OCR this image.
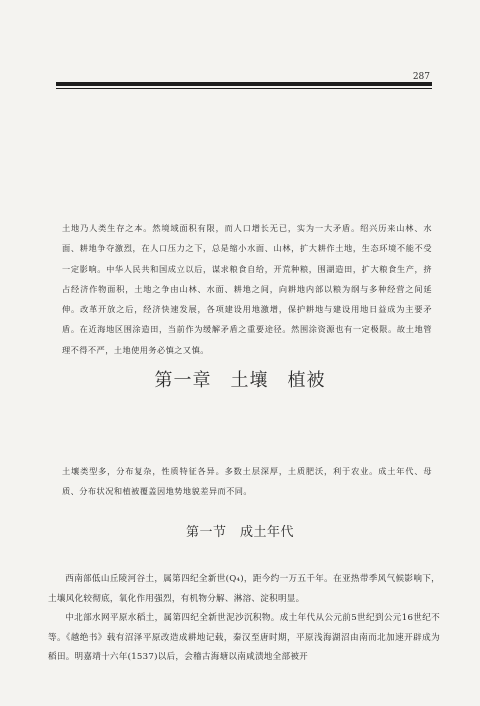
287

土地乃人类生存之本。然境域面积有限，而人口增长无已，实为一大矛盾。绍兴历来山林、水面、耕地争夺激烈，在人口压力之下，总是缩小水面、山林，扩大耕作土地，生态环境不能不受一定影响。中华人民共和国成立以后，谋求粮食自给，开荒种粮，围湖造田，扩大粮食生产，挤占经济作物面积，土地之争由山林、水面、耕地之间，向耕地内部以粮为纲与多种经营之间延伸。改革开放之后，经济快速发展，各项建设用地激增，保护耕地与建设用地日益成为主要矛盾。在近海地区围涂造田，当前作为缓解矛盾之重要途径。然围涂资源也有一定极限。故土地管理不得不严，土地使用务必慎之又慎。

第一章　土壤　植被

土壤类型多，分布复杂，性质特征各异。多数土层深厚，土质肥沃，利于农业。成土年代、母质、分布状况和植被覆盖因地势地貌差异而不同。

第一节　成土年代

西南部低山丘陵河谷土，属第四纪全新世(Q₄)，距今约一万五千年。在亚热带季风气候影响下，土壤风化较彻底，氧化作用强烈，有机物分解、淋溶、淀积明显。

中北部水网平原水稻土，属第四纪全新世泥沙沉积物。成土年代从公元前5世纪到公元16世纪不等。《越绝书》载有沼泽平原改造成耕地记载，秦汉至唐时期，平原浅海湖沼由南而北加速开辟成为稻田。明嘉靖十六年(1537)以后，会稽古海塘以南咸渍地全部被开
